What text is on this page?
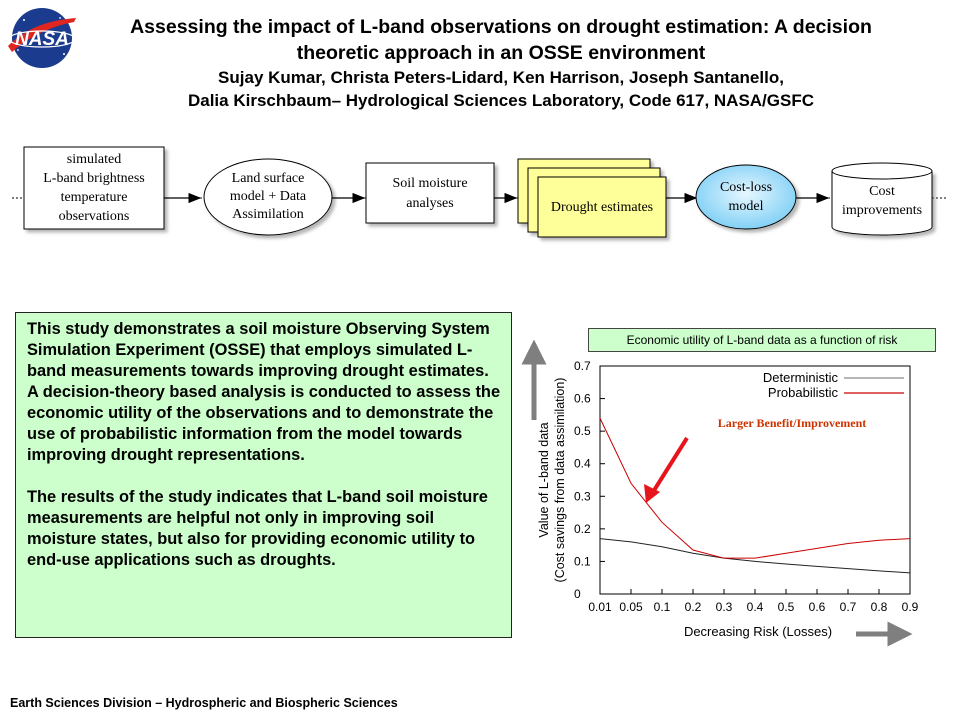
NASA
Assessing the impact of L-band observations on drought estimation: A decision
theoretic approach in an OSSE environment
Sujay Kumar, Christa Peters-Lidard, Ken Harrison, Joseph Santanello,
Dalia Kirschbaum– Hydrological Sciences Laboratory, Code 617, NASA/GSFC
simulated
L-band brightness
temperature
observations
Land surface
model + Data
Assimilation
Soil moisture
analyses	Drought estimates
Cost-loss
model
Cost
improvements

This study demonstrates a soil moisture Observing System Simulation Experiment (OSSE) that employs simulated L-band measurements towards improving drought estimates. A decision-theory based analysis is conducted to assess the economic utility of the observations and to demonstrate the use of probabilistic information from the model towards improving drought representations.

The results of the study indicates that L-band soil moisture measurements are helpful not only in improving soil moisture states, but also for providing economic utility to end-use applications such as droughts.

0
0.1
0.2
0.3
0.4
0.5
0.6
0.7
0.01 0.05 0.1 0.2 0.3 0.4 0.5 0.6 0.7 0.8 0.9
Deterministic
Probabilistic
Larger Benefit/Improvement
Value of L-band data (Cost savings from data assimilation)
Decreasing Risk (Losses)
Economic utility of L-band data as a function of risk
Earth Sciences Division – Hydrospheric and Biospheric Sciences
